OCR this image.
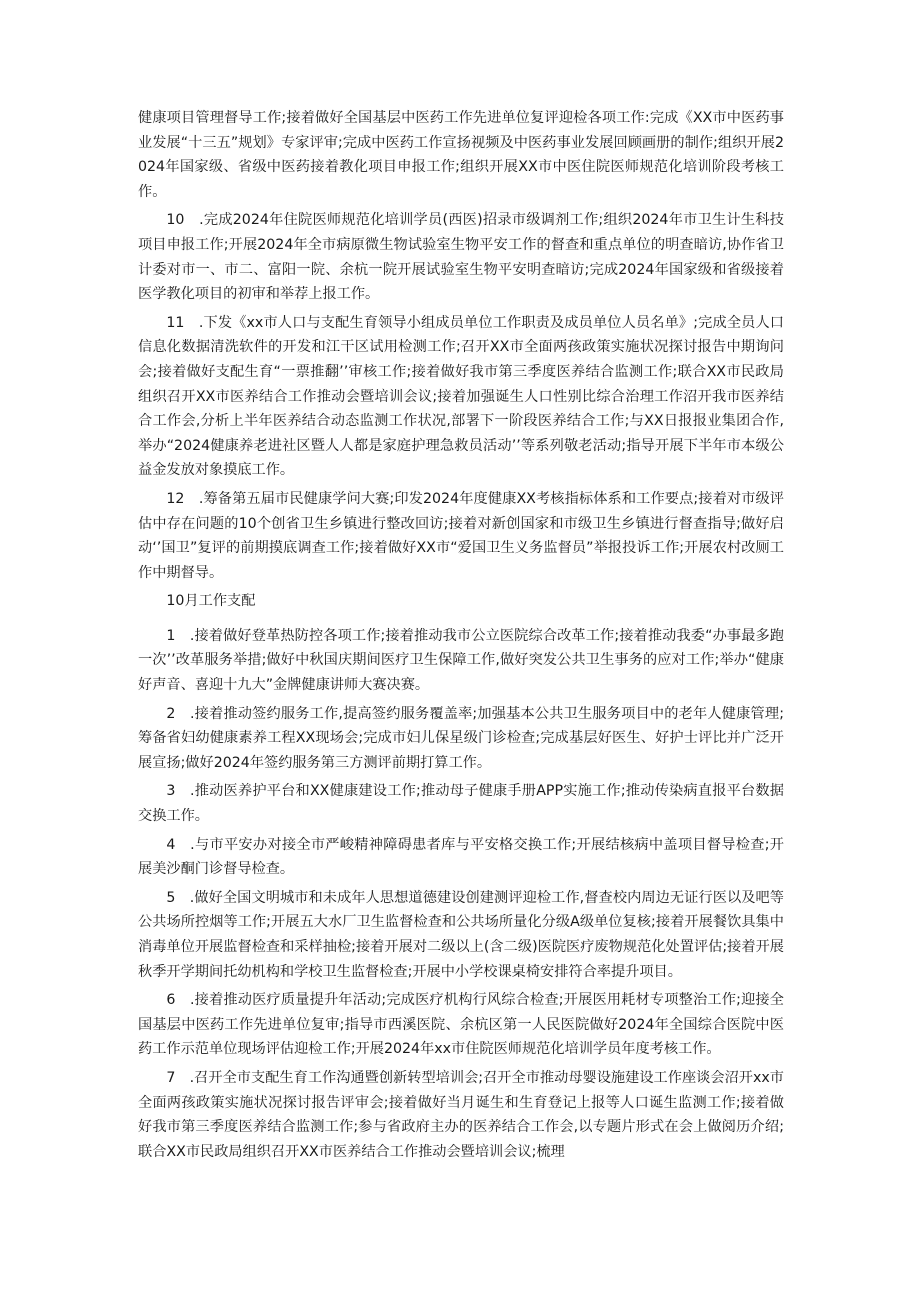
健康项目管理督导工作;接着做好全国基层中医药工作先进单位复评迎检各项工作:完成《XX市中医药事业发展“十三五”规划》专家评审;完成中医药工作宣扬视频及中医药事业发展回顾画册的制作;组织开展2024年国家级、省级中医药接着教化项目申报工作;组织开展XX市中医住院医师规范化培训阶段考核工作。

10　.完成2024年住院医师规范化培训学员(西医)招录市级调剂工作;组织2024年市卫生计生科技项目申报工作;开展2024年全市病原微生物试验室生物平安工作的督查和重点单位的明查暗访,协作省卫计委对市一、市二、富阳一院、余杭一院开展试验室生物平安明查暗访;完成2024年国家级和省级接着医学教化项目的初审和举荐上报工作。

11　.下发《xx市人口与支配生育领导小组成员单位工作职责及成员单位人员名单》;完成全员人口信息化数据清洗软件的开发和江干区试用检测工作;召开XX市全面两孩政策实施状况探讨报告中期询问会;接着做好支配生育“一票推翻’’审核工作;接着做好我市第三季度医养结合监测工作;联合XX市民政局组织召开XX市医养结合工作推动会暨培训会议;接着加强诞生人口性别比综合治理工作沼开我市医养结合工作会,分析上半年医养结合动态监测工作状况,部署下一阶段医养结合工作;与XX日报报业集团合作,举办“2024健康养老进社区暨人人都是家庭护理急救员活动’’等系列敬老活动;指导开展下半年市本级公益金发放对象摸底工作。

12　.筹备第五届市民健康学问大赛;印发2024年度健康XX考核指标体系和工作要点;接着对市级评估中存在问题的10个创省卫生乡镇进行整改回访;接着对新创国家和市级卫生乡镇进行督查指导;做好启动‘’国卫”复评的前期摸底调查工作;接着做好XX市“爱国卫生义务监督员”举报投诉工作;开展农村改厕工作中期督导。

10月工作支配

1　.接着做好登革热防控各项工作;接着推动我市公立医院综合改革工作;接着推动我委“办事最多跑一次’’改革服务举措;做好中秋国庆期间医疗卫生保障工作,做好突发公共卫生事务的应对工作;举办“健康好声音、喜迎十九大”金牌健康讲师大赛决赛。

2　.接着推动签约服务工作,提高签约服务覆盖率;加强基本公共卫生服务项目中的老年人健康管理;筹备省妇幼健康素养工程XX现场会;完成市妇儿保星级门诊检查;完成基层好医生、好护士评比并广泛开展宣扬;做好2024年签约服务第三方测评前期打算工作。

3　.推动医养护平台和XX健康建设工作;推动母子健康手册APP实施工作;推动传染病直报平台数据交换工作。

4　.与市平安办对接全市严峻精神障碍患者库与平安格交换工作;开展结核病中盖项目督导检查;开展美沙酮门诊督导检查。

5　.做好全国文明城市和未成年人思想道德建设创建测评迎检工作,督查校内周边无证行医以及吧等公共场所控烟等工作;开展五大水厂卫生监督检查和公共场所量化分级A级单位复核;接着开展餐饮具集中消毒单位开展监督检查和采样抽检;接着开展对二级以上(含二级)医院医疗废物规范化处置评估;接着开展秋季开学期间托幼机构和学校卫生监督检查;开展中小学校课桌椅安排符合率提升项目。

6　.接着推动医疗质量提升年活动;完成医疗机构行风综合检查;开展医用耗材专项整治工作;迎接全国基层中医药工作先进单位复审;指导市西溪医院、余杭区第一人民医院做好2024年全国综合医院中医药工作示范单位现场评估迎检工作;开展2024年xx市住院医师规范化培训学员年度考核工作。

7　.召开全市支配生育工作沟通暨创新转型培训会;召开全市推动母婴设施建设工作座谈会沼开xx市全面两孩政策实施状况探讨报告评审会;接着做好当月诞生和生育登记上报等人口诞生监测工作;接着做好我市第三季度医养结合监测工作;参与省政府主办的医养结合工作会,以专题片形式在会上做阅历介绍;联合XX市民政局组织召开XX市医养结合工作推动会暨培训会议;梳理
